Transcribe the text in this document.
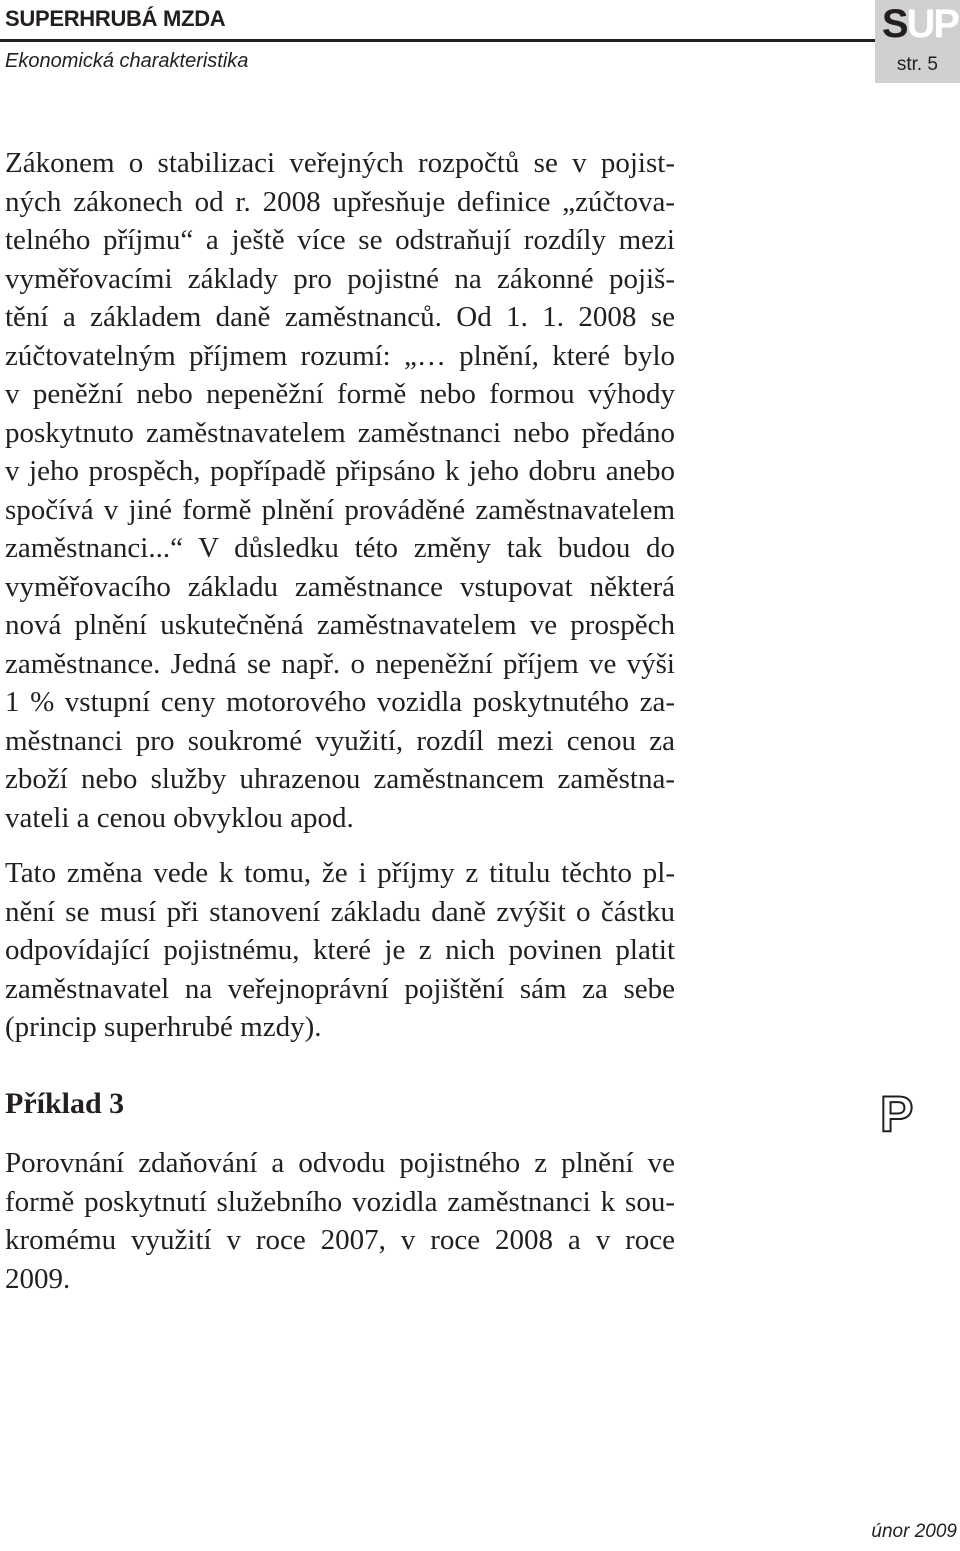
SUPERHRUBÁ MZDA
Ekonomická charakteristika
SUP
str. 5
Zákonem o stabilizaci veřejných rozpočtů se v pojist-
ných zákonech od r. 2008 upřesňuje definice „zúčtova-
telného příjmu“ a ještě více se odstraňují rozdíly mezi
vyměřovacími základy pro pojistné na zákonné pojiš-
tění a základem daně zaměstnanců. Od 1. 1. 2008 se
zúčtovatelným příjmem rozumí: „… plnění, které bylo
v peněžní nebo nepeněžní formě nebo formou výhody
poskytnuto zaměstnavatelem zaměstnanci nebo předáno
v jeho prospěch, popřípadě připsáno k jeho dobru anebo
spočívá v jiné formě plnění prováděné zaměstnavatelem
zaměstnanci...“ V důsledku této změny tak budou do
vyměřovacího základu zaměstnance vstupovat některá
nová plnění uskutečněná zaměstnavatelem ve prospěch
zaměstnance. Jedná se např. o nepeněžní příjem ve výši
1 % vstupní ceny motorového vozidla poskytnutého za-
městnanci pro soukromé využití, rozdíl mezi cenou za
zboží nebo služby uhrazenou zaměstnancem zaměstna-
vateli a cenou obvyklou apod.
Tato změna vede k tomu, že i příjmy z titulu těchto pl-
nění se musí při stanovení základu daně zvýšit o částku
odpovídající pojistnému, které je z nich povinen platit
zaměstnavatel na veřejnoprávní pojištění sám za sebe
(princip superhrubé mzdy).
Příklad 3	P
Porovnání zdaňování a odvodu pojistného z plnění ve
formě poskytnutí služebního vozidla zaměstnanci k sou-
kromému využití v roce 2007, v roce 2008 a v roce
2009.
únor 2009
